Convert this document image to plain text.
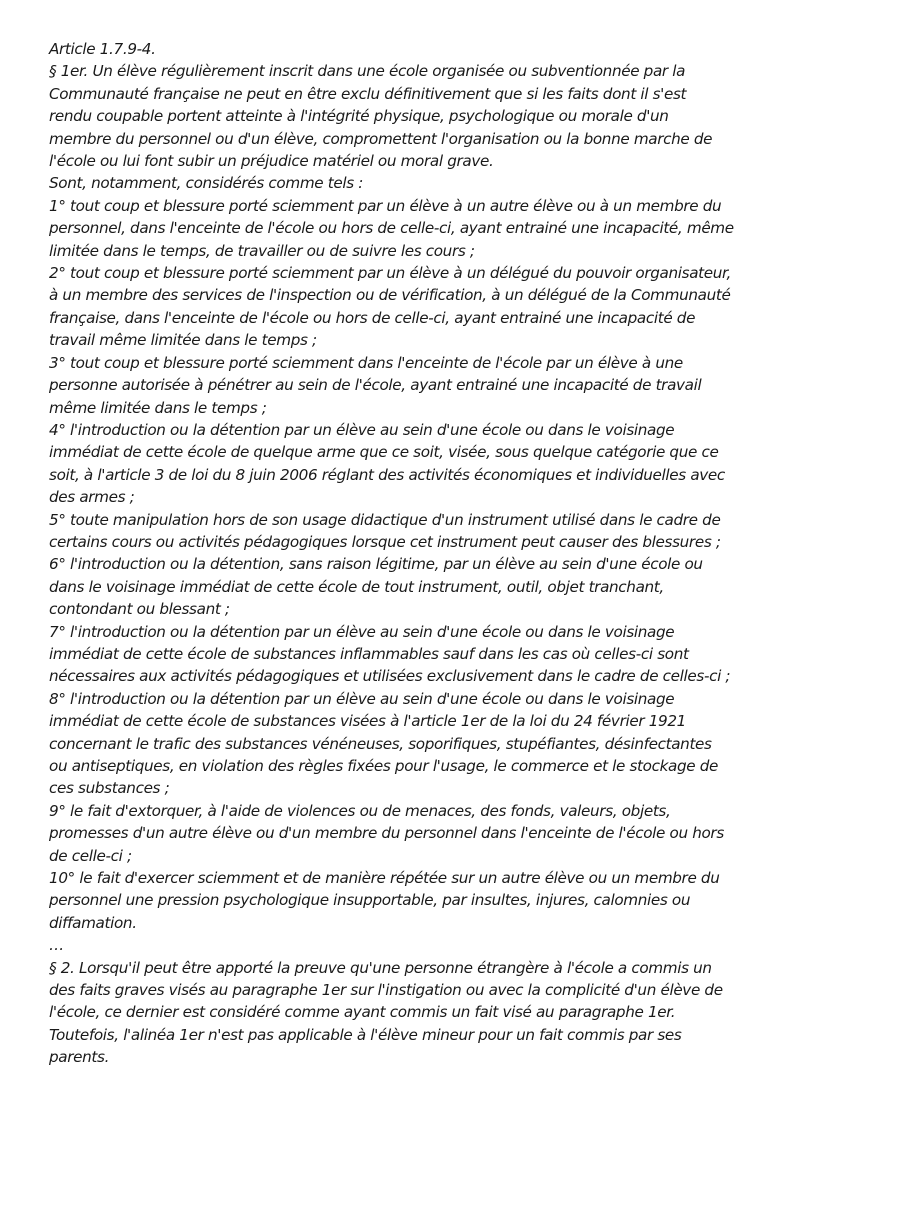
Article 1.7.9-4.
§ 1er. Un élève régulièrement inscrit dans une école organisée ou subventionnée par la
Communauté française ne peut en être exclu définitivement que si les faits dont il s'est
rendu coupable portent atteinte à l'intégrité physique, psychologique ou morale d'un
membre du personnel ou d'un élève, compromettent l'organisation ou la bonne marche de
l'école ou lui font subir un préjudice matériel ou moral grave.
Sont, notamment, considérés comme tels :
1° tout coup et blessure porté sciemment par un élève à un autre élève ou à un membre du
personnel, dans l'enceinte de l'école ou hors de celle-ci, ayant entrainé une incapacité, même
limitée dans le temps, de travailler ou de suivre les cours ;
2° tout coup et blessure porté sciemment par un élève à un délégué du pouvoir organisateur,
à un membre des services de l'inspection ou de vérification, à un délégué de la Communauté
française, dans l'enceinte de l'école ou hors de celle-ci, ayant entrainé une incapacité de
travail même limitée dans le temps ;
3° tout coup et blessure porté sciemment dans l'enceinte de l'école par un élève à une
personne autorisée à pénétrer au sein de l'école, ayant entrainé une incapacité de travail
même limitée dans le temps ;
4° l'introduction ou la détention par un élève au sein d'une école ou dans le voisinage
immédiat de cette école de quelque arme que ce soit, visée, sous quelque catégorie que ce
soit, à l'article 3 de loi du 8 juin 2006 réglant des activités économiques et individuelles avec
des armes ;
5° toute manipulation hors de son usage didactique d'un instrument utilisé dans le cadre de
certains cours ou activités pédagogiques lorsque cet instrument peut causer des blessures ;
6° l'introduction ou la détention, sans raison légitime, par un élève au sein d'une école ou
dans le voisinage immédiat de cette école de tout instrument, outil, objet tranchant,
contondant ou blessant ;
7° l'introduction ou la détention par un élève au sein d'une école ou dans le voisinage
immédiat de cette école de substances inflammables sauf dans les cas où celles-ci sont
nécessaires aux activités pédagogiques et utilisées exclusivement dans le cadre de celles-ci ;
8° l'introduction ou la détention par un élève au sein d'une école ou dans le voisinage
immédiat de cette école de substances visées à l'article 1er de la loi du 24 février 1921
concernant le trafic des substances vénéneuses, soporifiques, stupéfiantes, désinfectantes
ou antiseptiques, en violation des règles fixées pour l'usage, le commerce et le stockage de
ces substances ;
9° le fait d'extorquer, à l'aide de violences ou de menaces, des fonds, valeurs, objets,
promesses d'un autre élève ou d'un membre du personnel dans l'enceinte de l'école ou hors
de celle-ci ;
10° le fait d'exercer sciemment et de manière répétée sur un autre élève ou un membre du
personnel une pression psychologique insupportable, par insultes, injures, calomnies ou
diffamation.
…
§ 2. Lorsqu'il peut être apporté la preuve qu'une personne étrangère à l'école a commis un
des faits graves visés au paragraphe 1er sur l'instigation ou avec la complicité d'un élève de
l'école, ce dernier est considéré comme ayant commis un fait visé au paragraphe 1er.
Toutefois, l'alinéa 1er n'est pas applicable à l'élève mineur pour un fait commis par ses
parents.
